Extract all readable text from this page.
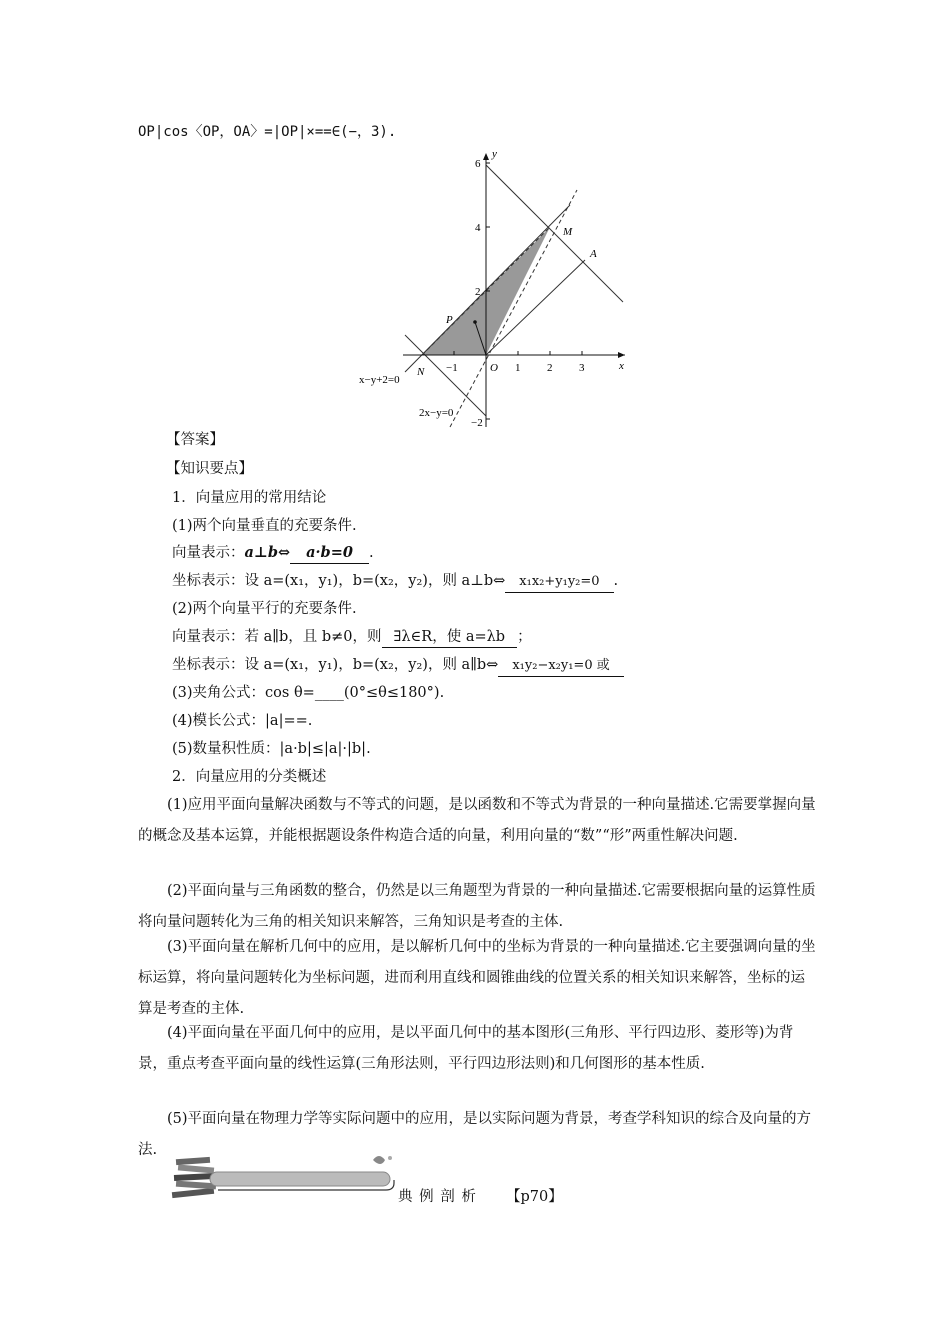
OP|cos〈OP，OA〉=|OP|×==∈(−，3).
y
x
6
4
2
−2
−1	1 2 3
O
M
A
P
N
x−y+2=0
2x−y=0
【答案】
【知识要点】
1．向量应用的常用结论
(1)两个向量垂直的充要条件.
向量表示：a⊥b⇔ a·b=0 .
坐标表示：设 a=(x₁，y₁)，b=(x₂，y₂)，则 a⊥b⇔ x₁x₂+y₁y₂=0 .
(2)两个向量平行的充要条件.
向量表示：若 a∥b，且 b≠0，则 ∃λ∈R，使 a=λb ；
坐标表示：设 a=(x₁，y₁)，b=(x₂，y₂)，则 a∥b⇔ x₁y₂−x₂y₁=0 或
(3)夹角公式：cos θ=____(0°≤θ≤180°).
(4)模长公式：|a|==.
(5)数量积性质：|a·b|≤|a|·|b|.
2．向量应用的分类概述
(1)应用平面向量解决函数与不等式的问题，是以函数和不等式为背景的一种向量描述.它需要掌握向量的概念及基本运算，并能根据题设条件构造合适的向量，利用向量的“数”“形”两重性解决问题.
(2)平面向量与三角函数的整合，仍然是以三角题型为背景的一种向量描述.它需要根据向量的运算性质将向量问题转化为三角的相关知识来解答，三角知识是考查的主体.
(3)平面向量在解析几何中的应用，是以解析几何中的坐标为背景的一种向量描述.它主要强调向量的坐标运算，将向量问题转化为坐标问题，进而利用直线和圆锥曲线的位置关系的相关知识来解答，坐标的运算是考查的主体.
(4)平面向量在平面几何中的应用，是以平面几何中的基本图形(三角形、平行四边形、菱形等)为背景，重点考查平面向量的线性运算(三角形法则，平行四边形法则)和几何图形的基本性质.
(5)平面向量在物理力学等实际问题中的应用，是以实际问题为背景，考查学科知识的综合及向量的方法.
典 例 剖 析 【p70】
